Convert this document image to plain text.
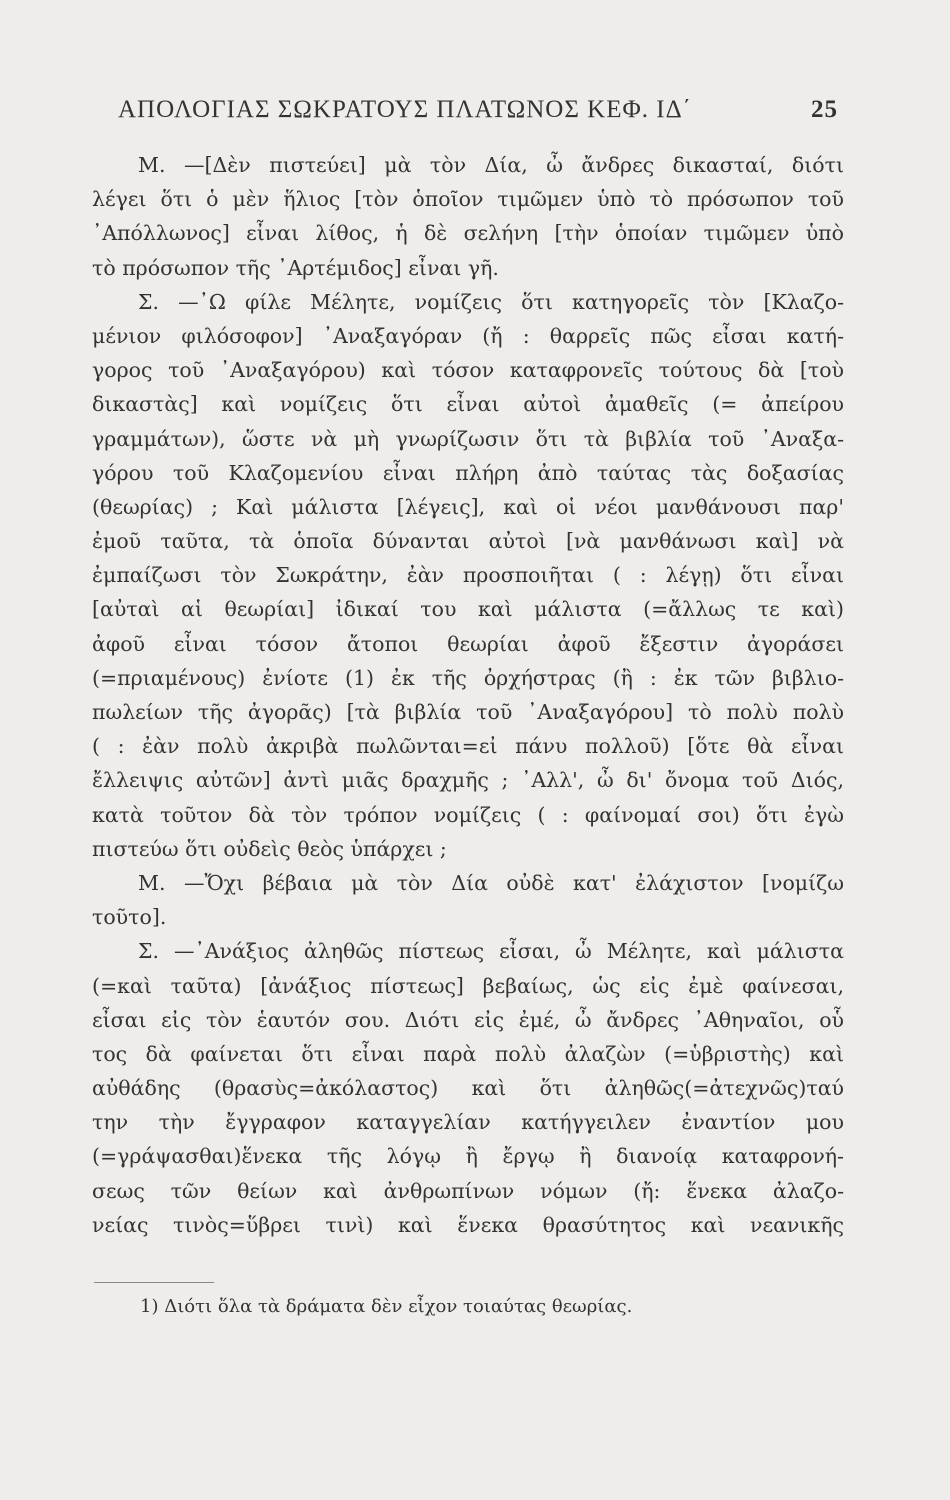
ΑΠΟΛΟΓΙΑΣ ΣΩΚΡΑΤΟΥΣ ΠΛΑΤΩΝΟΣ ΚΕΦ. ΙΔ΄	25
Μ. —[Δὲν πιστεύει] μὰ τὸν Δία, ὦ ἄνδρες δικασταί, διότι
λέγει ὅτι ὁ μὲν ἥλιος [τὸν ὁποῖον τιμῶμεν ὑπὸ τὸ πρόσωπον τοῦ
᾿Απόλλωνος] εἶναι λίθος, ἡ δὲ σελήνη [τὴν ὁποίαν τιμῶμεν ὑπὸ
τὸ πρόσωπον τῆς ᾿Αρτέμιδος] εἶναι γῆ.
Σ. —᾿Ω φίλε Μέλητε, νομίζεις ὅτι κατηγορεῖς τὸν [Κλαζο-
μένιον φιλόσοφον] ᾿Αναξαγόραν (ἤ : θαρρεῖς πῶς εἶσαι κατή-
γορος τοῦ ᾿Αναξαγόρου) καὶ τόσον καταφρονεῖς τούτους δὰ [τοὺ
δικαστὰς] καὶ νομίζεις ὅτι εἶναι αὐτοὶ ἀμαθεῖς (= ἀπείρου
γραμμάτων), ὥστε νὰ μὴ γνωρίζωσιν ὅτι τὰ βιβλία τοῦ ᾿Αναξα-
γόρου τοῦ Κλαζομενίου εἶναι πλήρη ἀπὸ ταύτας τὰς δοξασίας
(θεωρίας) ; Καὶ μάλιστα [λέγεις], καὶ οἱ νέοι μανθάνουσι παρ'
ἐμοῦ ταῦτα, τὰ ὁποῖα δύνανται αὐτοὶ [νὰ μανθάνωσι καὶ] νὰ
ἐμπαίζωσι τὸν Σωκράτην, ἐὰν προσποιῆται ( : λέγῃ) ὅτι εἶναι
[αὐταὶ αἱ θεωρίαι] ἰδικαί του καὶ μάλιστα (=ἄλλως τε καὶ)
ἀφοῦ εἶναι τόσον ἄτοποι θεωρίαι ἀφοῦ ἔξεστιν ἀγοράσει
(=πριαμένους) ἐνίοτε (1) ἐκ τῆς ὀρχήστρας (ἢ : ἐκ τῶν βιβλιο-
πωλείων τῆς ἀγορᾶς) [τὰ βιβλία τοῦ ᾿Αναξαγόρου] τὸ πολὺ πολὺ
( : ἐὰν πολὺ ἀκριβὰ πωλῶνται=εἰ πάνυ πολλοῦ) [ὅτε θὰ εἶναι
ἔλλειψις αὐτῶν] ἀντὶ μιᾶς δραχμῆς ; ᾿Αλλ', ὦ δι' ὄνομα τοῦ Διός,
κατὰ τοῦτον δὰ τὸν τρόπον νομίζεις ( : φαίνομαί σοι) ὅτι ἐγὼ
πιστεύω ὅτι οὐδεὶς θεὸς ὑπάρχει ;
Μ. —Ὄχι βέβαια μὰ τὸν Δία οὐδὲ κατ' ἐλάχιστον [νομίζω
τοῦτο].
Σ. —᾿Ανάξιος ἀληθῶς πίστεως εἶσαι, ὦ Μέλητε, καὶ μάλιστα
(=καὶ ταῦτα) [ἀνάξιος πίστεως] βεβαίως, ὡς εἰς ἐμὲ φαίνεσαι,
εἶσαι εἰς τὸν ἑαυτόν σου. Διότι εἰς ἐμέ, ὦ ἄνδρες ᾿Αθηναῖοι, οὗ
τος δὰ φαίνεται ὅτι εἶναι παρὰ πολὺ ἀλαζὼν (=ὑβριστὴς) καὶ
αὐθάδης (θρασὺς=ἀκόλαστος) καὶ ὅτι ἀληθῶς(=ἀτεχνῶς)ταύ
την τὴν ἔγγραφον καταγγελίαν κατήγγειλεν ἐναντίον μου
(=γράψασθαι)ἕνεκα τῆς λόγῳ ἢ ἔργῳ ἢ διανοίᾳ καταφρονή-
σεως τῶν θείων καὶ ἀνθρωπίνων νόμων (ἤ: ἕνεκα ἀλαζο-
νείας τινὸς=ὕβρει τινὶ) καὶ ἕνεκα θρασύτητος καὶ νεανικῆς
1) Διότι ὅλα τὰ δράματα δὲν εἶχον τοιαύτας θεωρίας.
